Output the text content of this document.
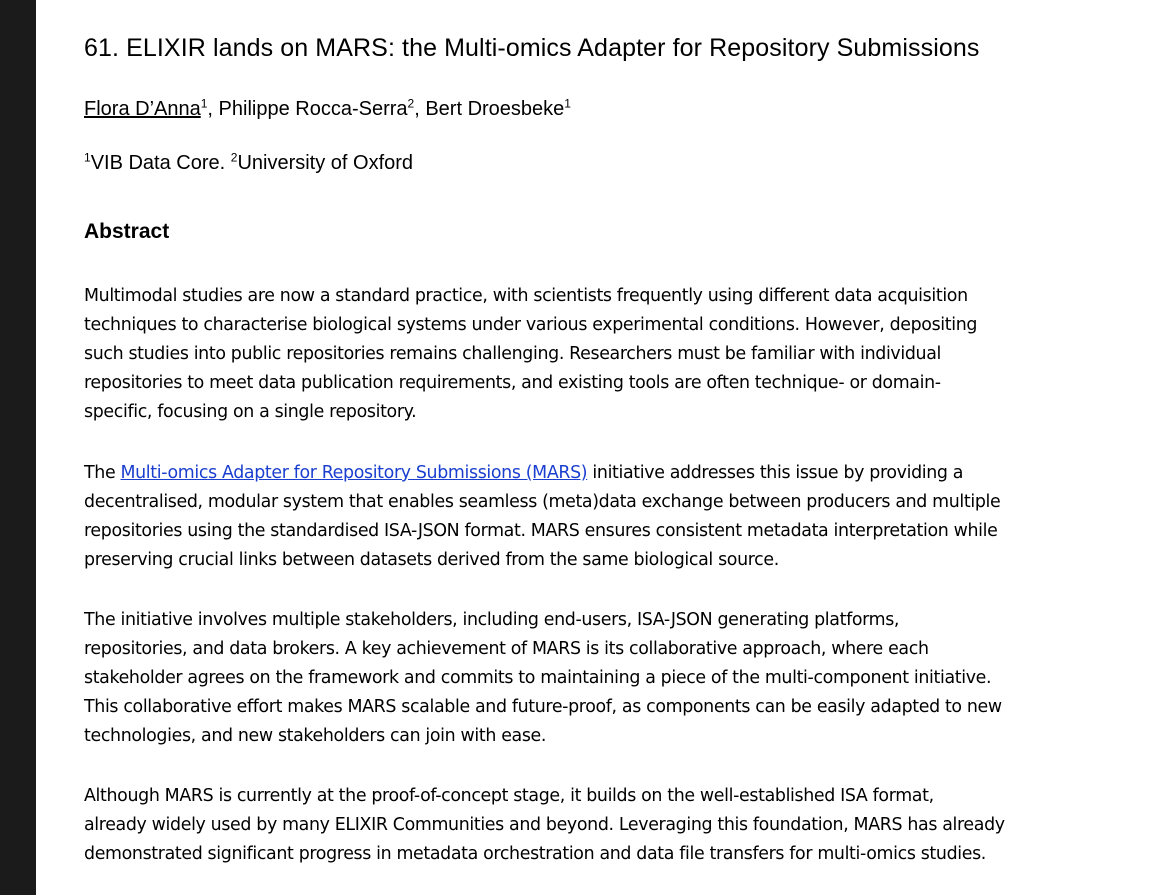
61. ELIXIR lands on MARS: the Multi-omics Adapter for Repository Submissions
Flora D’Anna$^1$, Philippe Rocca-Serra$^2$, Bert Droesbeke$^1$
$^1$VIB Data Core. $^2$University of Oxford
Abstract

Multimodal studies are now a standard practice, with scientists frequently using different data acquisition
techniques to characterise biological systems under various experimental conditions. However, depositing
such studies into public repositories remains challenging. Researchers must be familiar with individual
repositories to meet data publication requirements, and existing tools are often technique- or domain-
specific, focusing on a single repository.

The Multi-omics Adapter for Repository Submissions (MARS) initiative addresses this issue by providing a
decentralised, modular system that enables seamless (meta)data exchange between producers and multiple
repositories using the standardised ISA-JSON format. MARS ensures consistent metadata interpretation while
preserving crucial links between datasets derived from the same biological source.

The initiative involves multiple stakeholders, including end-users, ISA-JSON generating platforms,
repositories, and data brokers. A key achievement of MARS is its collaborative approach, where each
stakeholder agrees on the framework and commits to maintaining a piece of the multi-component initiative.
This collaborative effort makes MARS scalable and future-proof, as components can be easily adapted to new
technologies, and new stakeholders can join with ease.

Although MARS is currently at the proof-of-concept stage, it builds on the well-established ISA format,
already widely used by many ELIXIR Communities and beyond. Leveraging this foundation, MARS has already
demonstrated significant progress in metadata orchestration and data file transfers for multi-omics studies.
